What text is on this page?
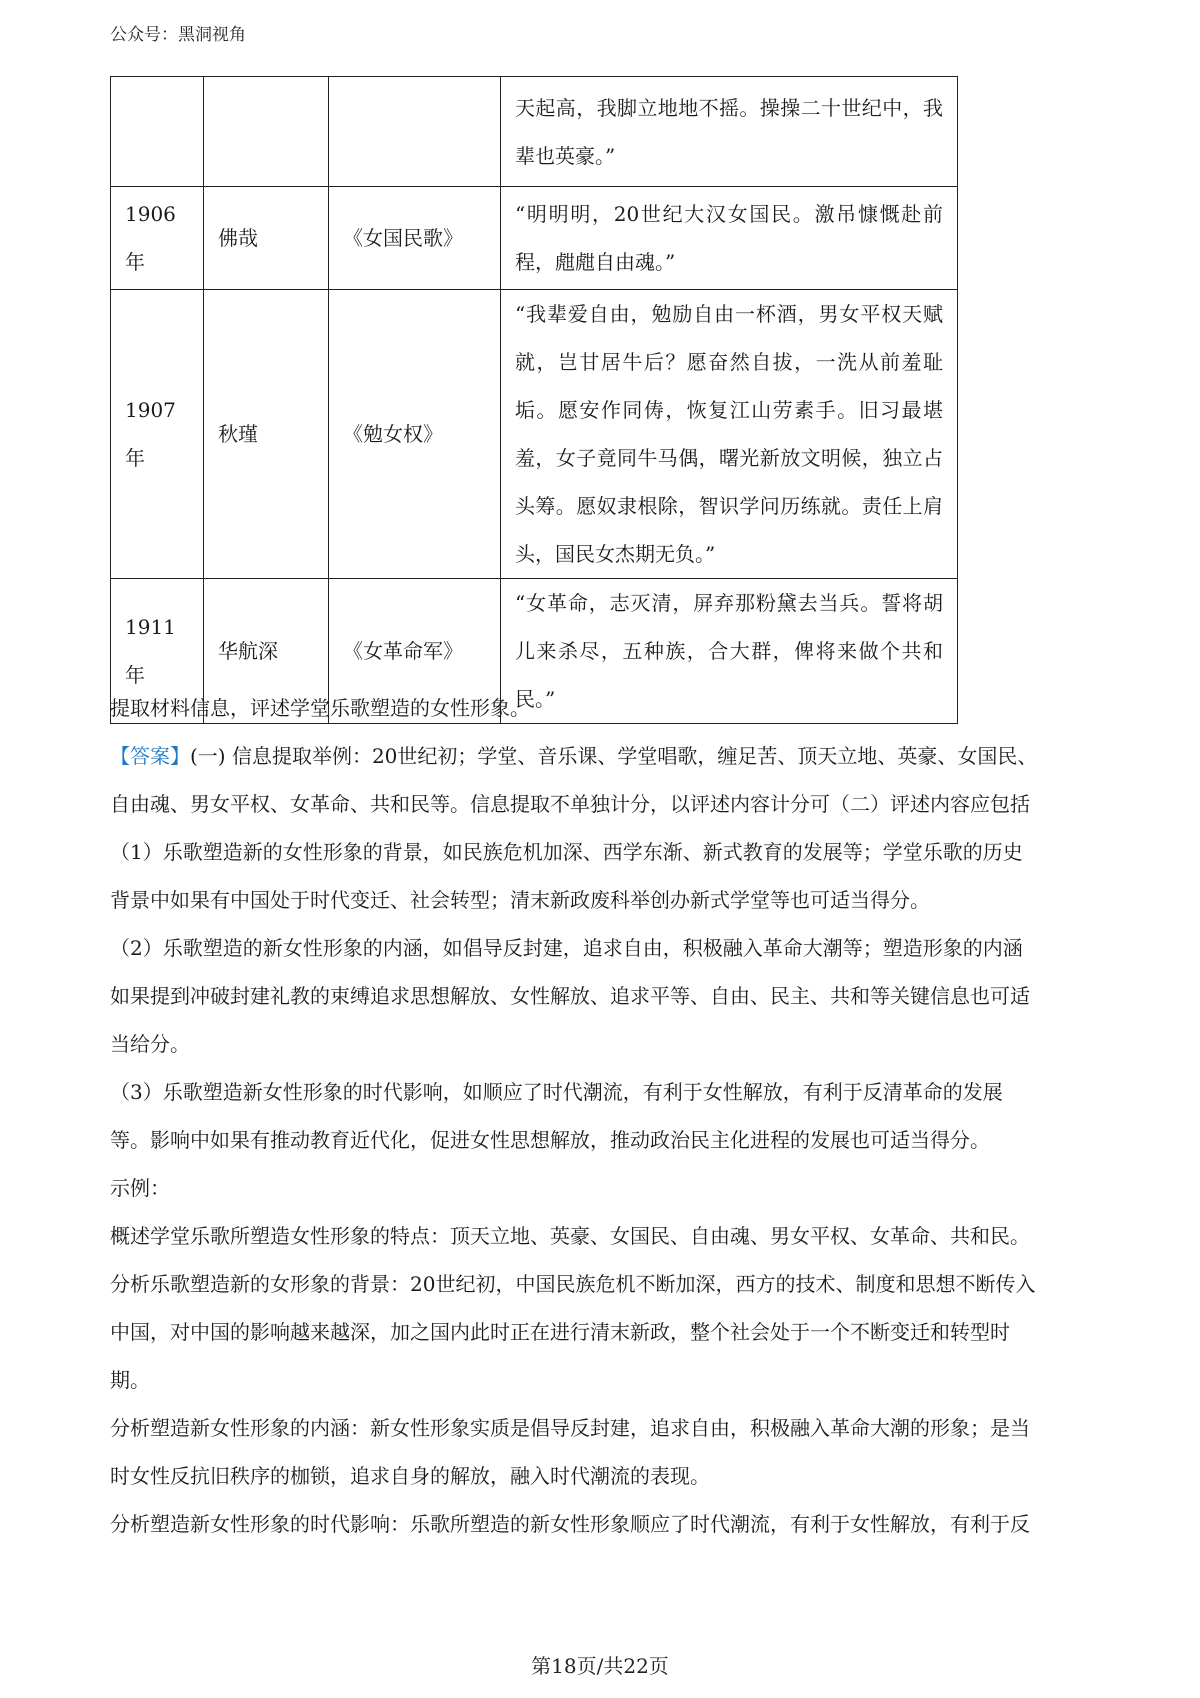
公众号：黑洞视角
			天起高，我脚立地地不摇。操操二十世纪中，我辈也英豪。”
1906年	佛哉	《女国民歌》	“明明明，20世纪大汉女国民。激吊慷慨赴前程，甝甝自由魂。”
1907年	秋瑾	《勉女权》	“我辈爱自由，勉励自由一杯酒，男女平权天赋就，岂甘居牛后？愿奋然自拔，一洗从前羞耻垢。愿安作同俦，恢复江山劳素手。旧习最堪羞，女子竟同牛马偶，曙光新放文明候，独立占头筹。愿奴隶根除，智识学问历练就。责任上肩头，国民女杰期无负。”
1911年	华航深	《女革命军》	“女革命，志灭清，屏弃那粉黛去当兵。誓将胡儿来杀尽，五种族，合大群，俾将来做个共和民。”
提取材料信息，评述学堂乐歌塑造的女性形象。
【答案】(一) 信息提取举例：20世纪初；学堂、音乐课、学堂唱歌，缠足苦、顶天立地、英豪、女国民、
自由魂、男女平权、女革命、共和民等。信息提取不单独计分，以评述内容计分可（二）评述内容应包括
（1）乐歌塑造新的女性形象的背景，如民族危机加深、西学东渐、新式教育的发展等；学堂乐歌的历史
背景中如果有中国处于时代变迁、社会转型；清末新政废科举创办新式学堂等也可适当得分。
（2）乐歌塑造的新女性形象的内涵，如倡导反封建，追求自由，积极融入革命大潮等；塑造形象的内涵
如果提到冲破封建礼教的束缚追求思想解放、女性解放、追求平等、自由、民主、共和等关键信息也可适
当给分。
（3）乐歌塑造新女性形象的时代影响，如顺应了时代潮流，有利于女性解放，有利于反清革命的发展
等。影响中如果有推动教育近代化，促进女性思想解放，推动政治民主化进程的发展也可适当得分。
示例：
概述学堂乐歌所塑造女性形象的特点：顶天立地、英豪、女国民、自由魂、男女平权、女革命、共和民。
分析乐歌塑造新的女形象的背景：20世纪初，中国民族危机不断加深，西方的技术、制度和思想不断传入
中国，对中国的影响越来越深，加之国内此时正在进行清末新政，整个社会处于一个不断变迁和转型时
期。
分析塑造新女性形象的内涵：新女性形象实质是倡导反封建，追求自由，积极融入革命大潮的形象；是当
时女性反抗旧秩序的枷锁，追求自身的解放，融入时代潮流的表现。
分析塑造新女性形象的时代影响：乐歌所塑造的新女性形象顺应了时代潮流，有利于女性解放，有利于反
第18页/共22页
